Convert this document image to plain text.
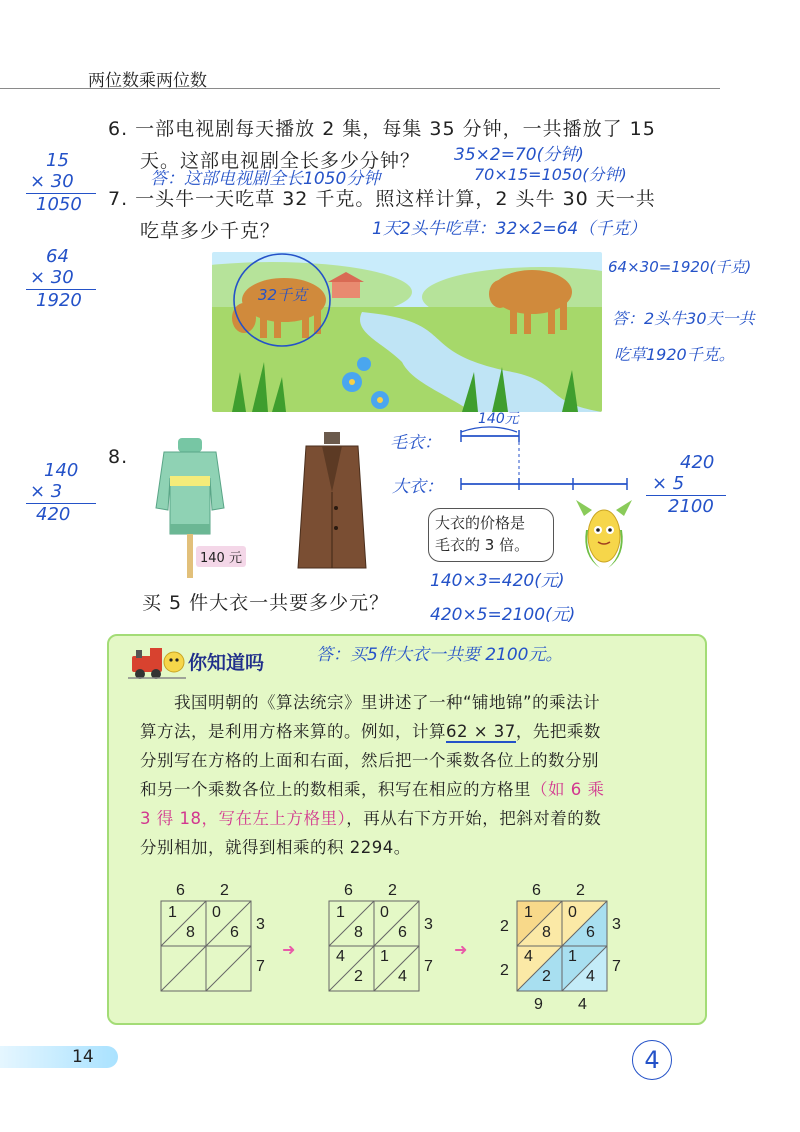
两位数乘两位数
6. 一部电视剧每天播放 2 集，每集 35 分钟，一共播放了 15
天。这部电视剧全长多少分钟？
7. 一头牛一天吃草 32 千克。照这样计算，2 头牛 30 天一共
吃草多少千克？
35×2=70(分钟)
70×15=1050(分钟)
答：这部电视剧全长1050分钟
15
× 30
1050
64
× 30
1920
140
× 3
420
1天2头牛吃草：32×2=64（千克）
64×30=1920(千克)
答：2头牛30天一共
吃草1920千克。
32千克
8.
140 元
毛衣：
大衣：
140元
420
× 5
2100
大衣的价格是
毛衣的 3 倍。
买 5 件大衣一共要多少元？
140×3=420(元)
420×5=2100(元)
答：买5件大衣一共要 2100元。
你知道吗
我国明朝的《算法统宗》里讲述了一种“铺地锦”的乘法计
算方法，是利用方格来算的。例如，计算62 × 37，先把乘数
分别写在方格的上面和右面，然后把一个乘数各位上的数分别
和另一个乘数各位上的数相乘，积写在相应的方格里（如 6 乘
3 得 18，写在左上方格里），再从右下方开始，把斜对着的数
分别相加，就得到相乘的积 2294。
6 2
3
7
1
8
0
6
➜
6 2
3
7
1
8
0
6
4
2
1
4
➜
6 2
3
7
2
2
9 4
1
8
0
6
4
2
1
4
14	4
